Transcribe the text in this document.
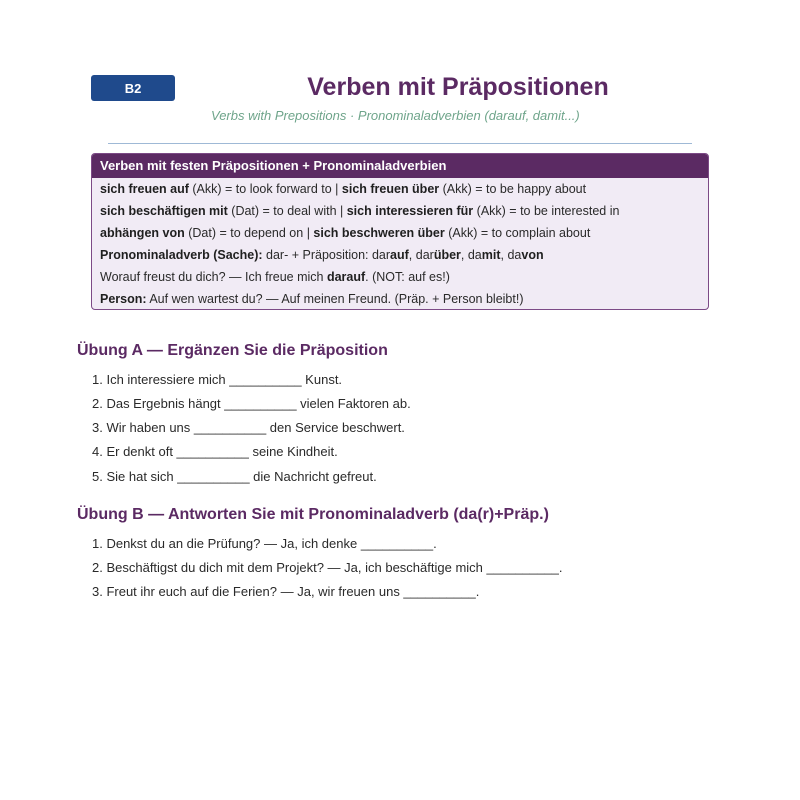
B2	Verben mit Präpositionen
Verbs with Prepositions · Pronominaladverbien (darauf, damit...)
Verben mit festen Präpositionen + Pronominaladverbien
sich freuen auf (Akk) = to look forward to | sich freuen über (Akk) = to be happy about
sich beschäftigen mit (Dat) = to deal with | sich interessieren für (Akk) = to be interested in
abhängen von (Dat) = to depend on | sich beschweren über (Akk) = to complain about
Pronominaladverb (Sache): dar- + Präposition: darauf, darüber, damit, davon
Worauf freust du dich? — Ich freue mich darauf. (NOT: auf es!)
Person: Auf wen wartest du? — Auf meinen Freund. (Präp. + Person bleibt!)
Übung A — Ergänzen Sie die Präposition
1. Ich interessiere mich __________ Kunst.
2. Das Ergebnis hängt __________ vielen Faktoren ab.
3. Wir haben uns __________ den Service beschwert.
4. Er denkt oft __________ seine Kindheit.
5. Sie hat sich __________ die Nachricht gefreut.
Übung B — Antworten Sie mit Pronominaladverb (da(r)+Präp.)
1. Denkst du an die Prüfung? — Ja, ich denke __________.
2. Beschäftigst du dich mit dem Projekt? — Ja, ich beschäftige mich __________.
3. Freut ihr euch auf die Ferien? — Ja, wir freuen uns __________.
